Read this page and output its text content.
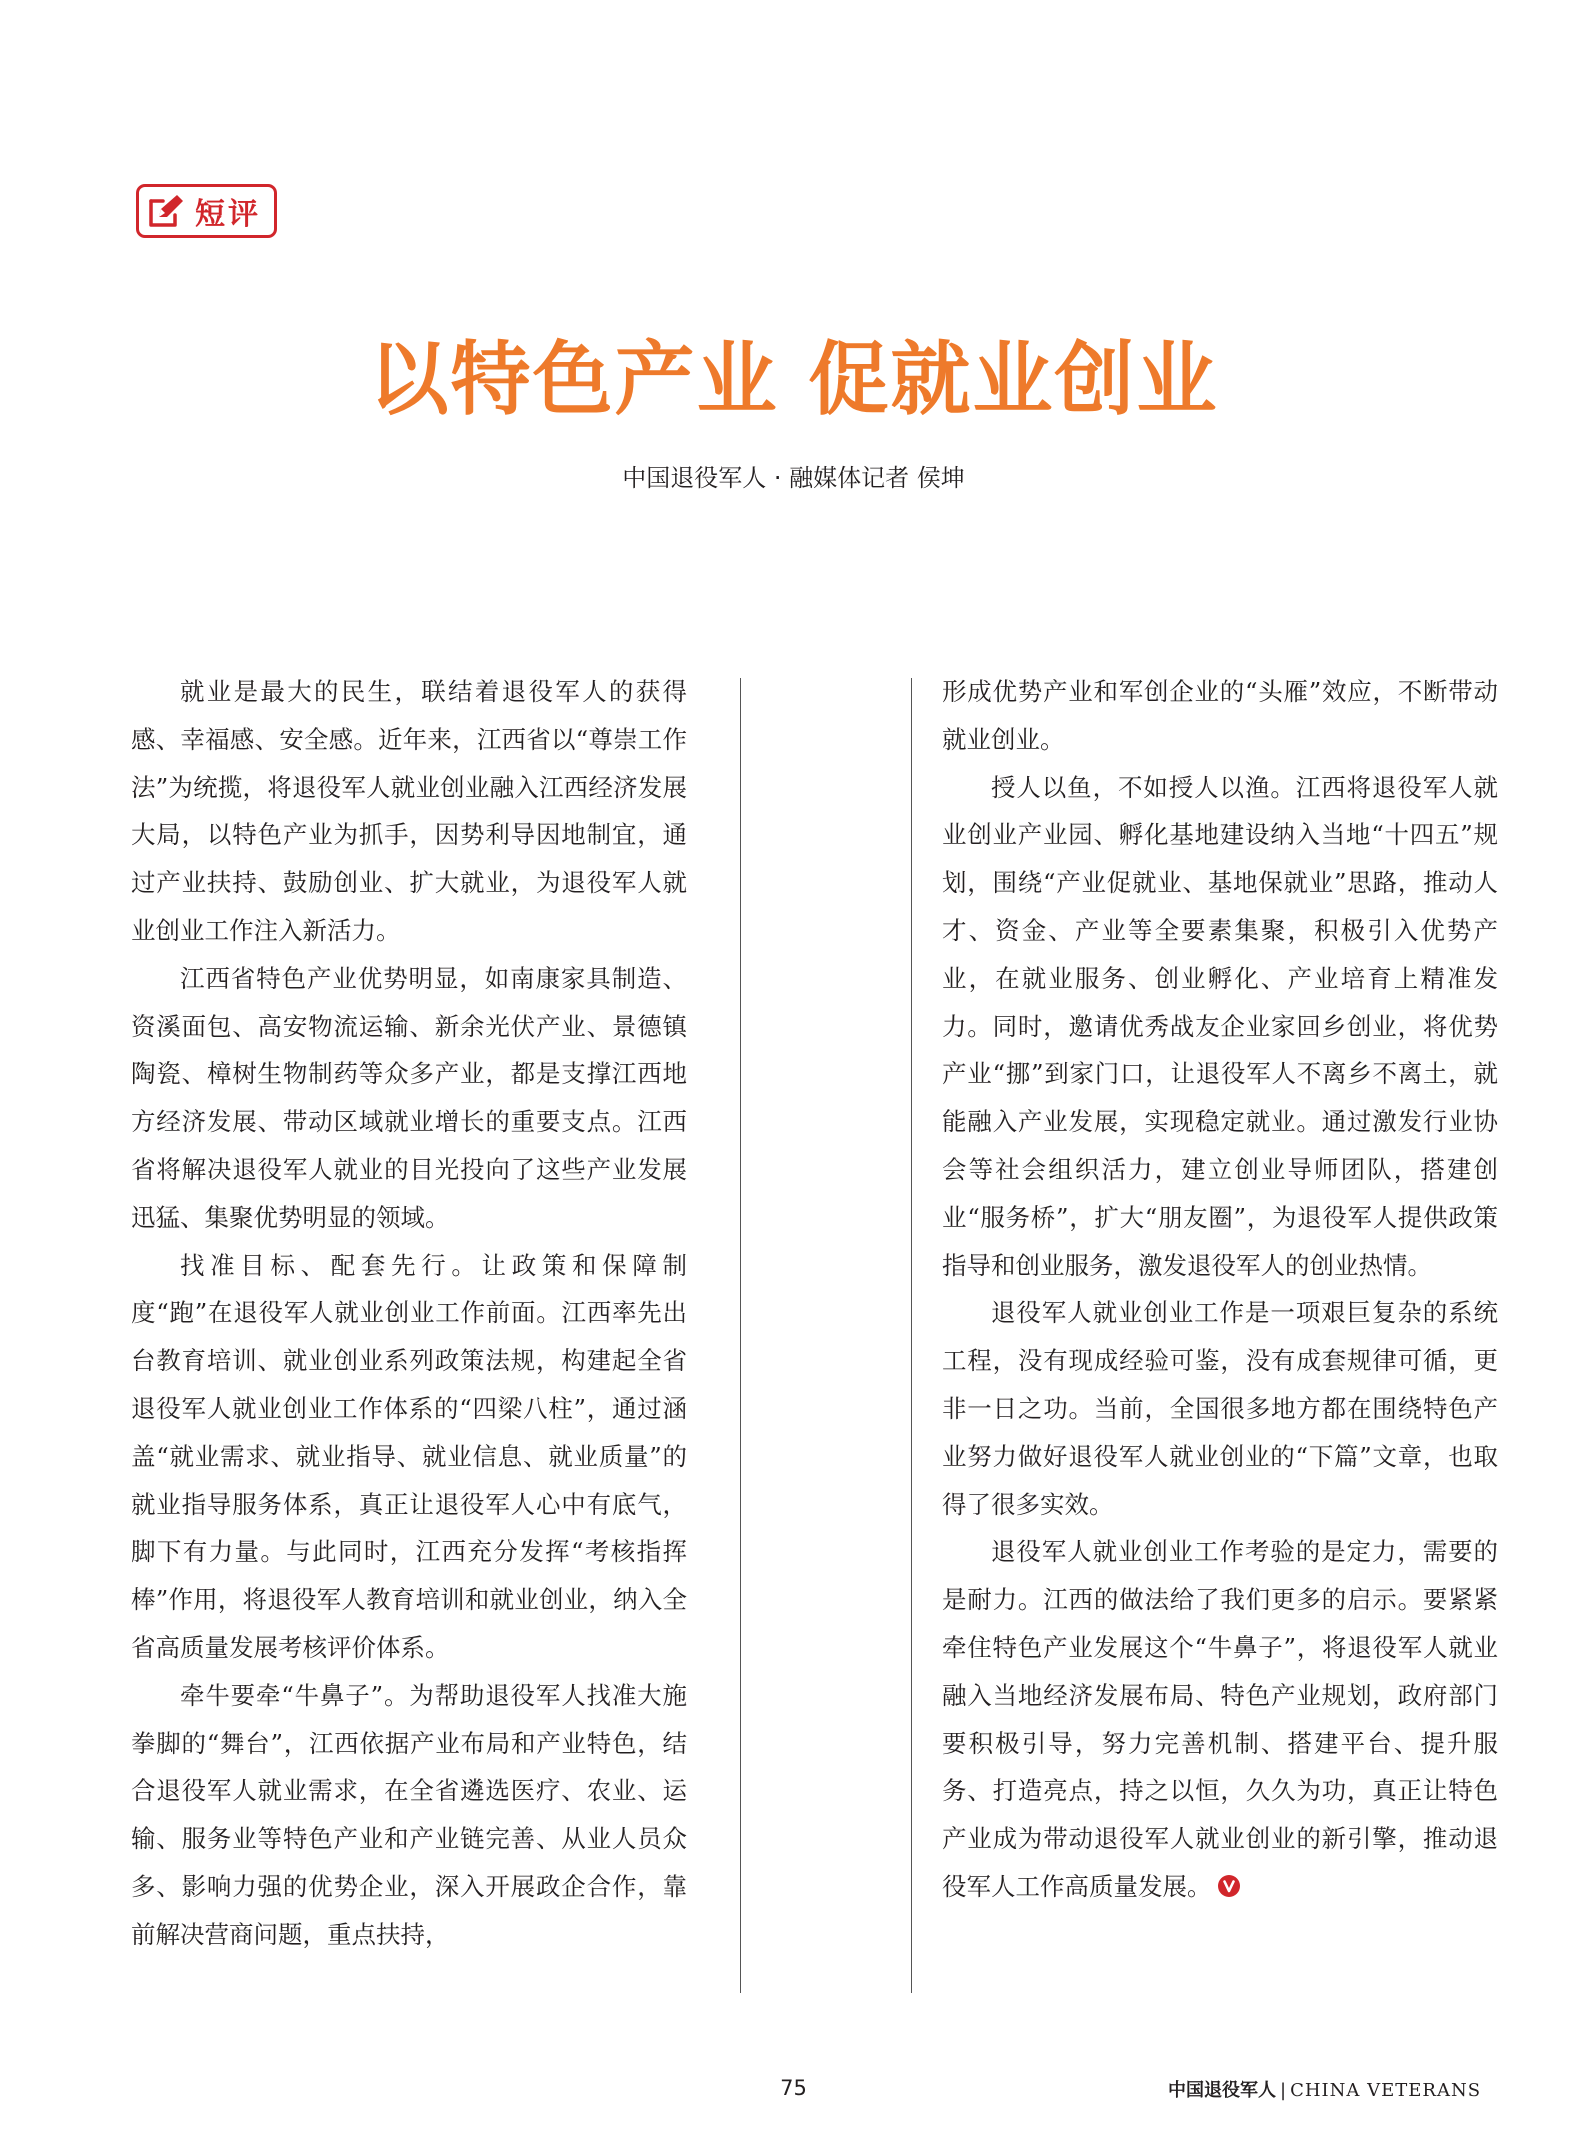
短评
以特色产业 促就业创业
中国退役军人 · 融媒体记者 侯坤

就业是最大的民生，联结着退役军人的获得感、幸福感、安全感。近年来，江西省以“尊崇工作法”为统揽，将退役军人就业创业融入江西经济发展大局，以特色产业为抓手，因势利导因地制宜，通过产业扶持、鼓励创业、扩大就业，为退役军人就业创业工作注入新活力。

江西省特色产业优势明显，如南康家具制造、资溪面包、高安物流运输、新余光伏产业、景德镇陶瓷、樟树生物制药等众多产业，都是支撑江西地方经济发展、带动区域就业增长的重要支点。江西省将解决退役军人就业的目光投向了这些产业发展迅猛、集聚优势明显的领域。

找准目标、配套先行。让政策和保障制度“跑”在退役军人就业创业工作前面。江西率先出台教育培训、就业创业系列政策法规，构建起全省退役军人就业创业工作体系的“四梁八柱”，通过涵盖“就业需求、就业指导、就业信息、就业质量”的就业指导服务体系，真正让退役军人心中有底气，脚下有力量。与此同时，江西充分发挥“考核指挥棒”作用，将退役军人教育培训和就业创业，纳入全省高质量发展考核评价体系。

牵牛要牵“牛鼻子”。为帮助退役军人找准大施拳脚的“舞台”，江西依据产业布局和产业特色，结合退役军人就业需求，在全省遴选医疗、农业、运输、服务业等特色产业和产业链完善、从业人员众多、影响力强的优势企业，深入开展政企合作，靠前解决营商问题，重点扶持，

形成优势产业和军创企业的“头雁”效应，不断带动就业创业。

授人以鱼，不如授人以渔。江西将退役军人就业创业产业园、孵化基地建设纳入当地“十四五”规划，围绕“产业促就业、基地保就业”思路，推动人才、资金、产业等全要素集聚，积极引入优势产业，在就业服务、创业孵化、产业培育上精准发力。同时，邀请优秀战友企业家回乡创业，将优势产业“挪”到家门口，让退役军人不离乡不离土，就能融入产业发展，实现稳定就业。通过激发行业协会等社会组织活力，建立创业导师团队，搭建创业“服务桥”，扩大“朋友圈”，为退役军人提供政策指导和创业服务，激发退役军人的创业热情。

退役军人就业创业工作是一项艰巨复杂的系统工程，没有现成经验可鉴，没有成套规律可循，更非一日之功。当前，全国很多地方都在围绕特色产业努力做好退役军人就业创业的“下篇”文章，也取得了很多实效。

退役军人就业创业工作考验的是定力，需要的是耐力。江西的做法给了我们更多的启示。要紧紧牵住特色产业发展这个“牛鼻子”，将退役军人就业融入当地经济发展布局、特色产业规划，政府部门要积极引导，努力完善机制、搭建平台、提升服务、打造亮点，持之以恒，久久为功，真正让特色产业成为带动退役军人就业创业的新引擎，推动退役军人工作高质量发展。

75	中国退役军人 | CHINA VETERANS
